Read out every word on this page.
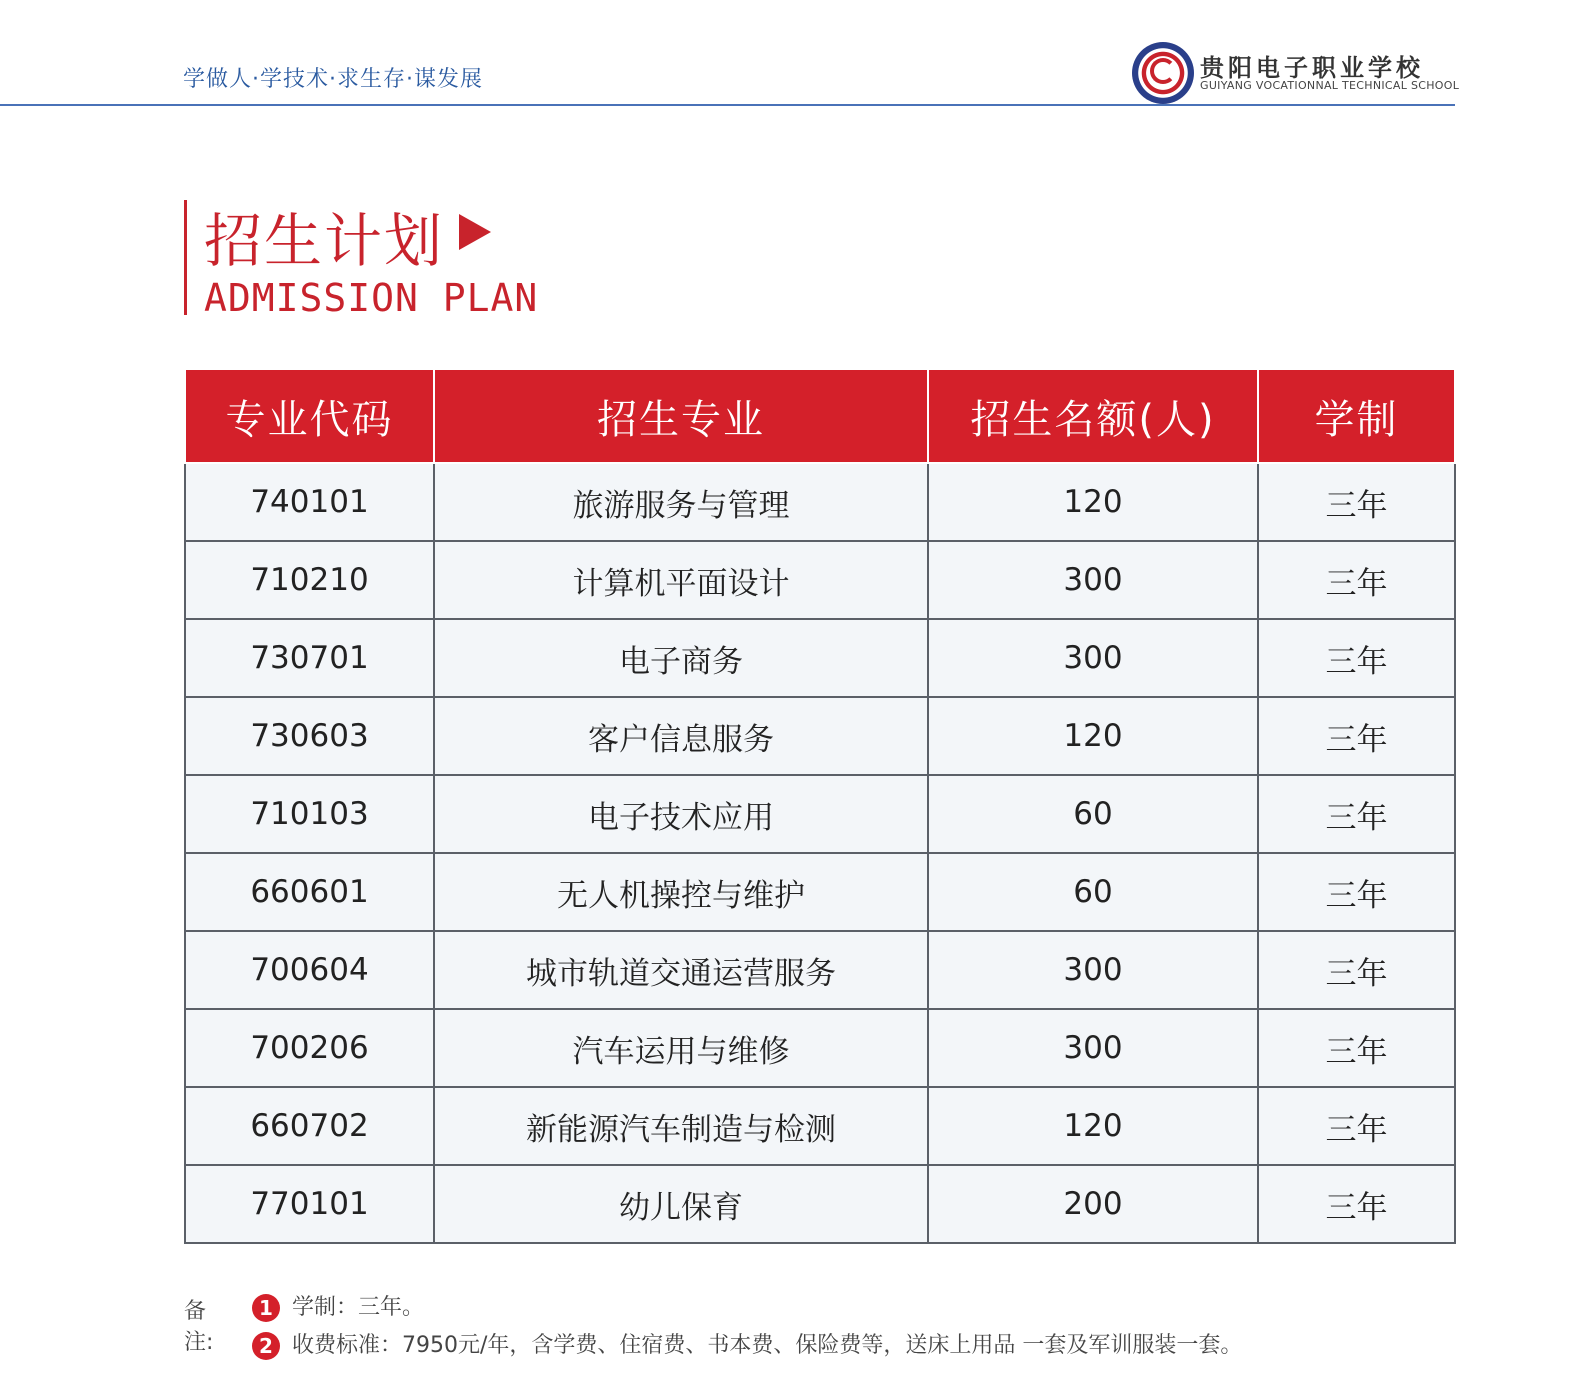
学做人·学技术·求生存·谋发展	贵阳电子职业学校
GUIYANG VOCATIONNAL TECHNICAL SCHOOL
招生计划
ADMISSION PLAN
专业代码	招生专业	招生名额(人)	学制
740101	旅游服务与管理	120	三年
710210	计算机平面设计	300	三年
730701	电子商务	300	三年
730603	客户信息服务	120	三年
710103	电子技术应用	60	三年
660601	无人机操控与维护	60	三年
700604	城市轨道交通运营服务	300	三年
700206	汽车运用与维修	300	三年
660702	新能源汽车制造与检测	120	三年
770101	幼儿保育	200	三年
备注:
1 学制：三年。
2 收费标准：7950元/年，含学费、住宿费、书本费、保险费等，送床上用品 一套及军训服装一套。
